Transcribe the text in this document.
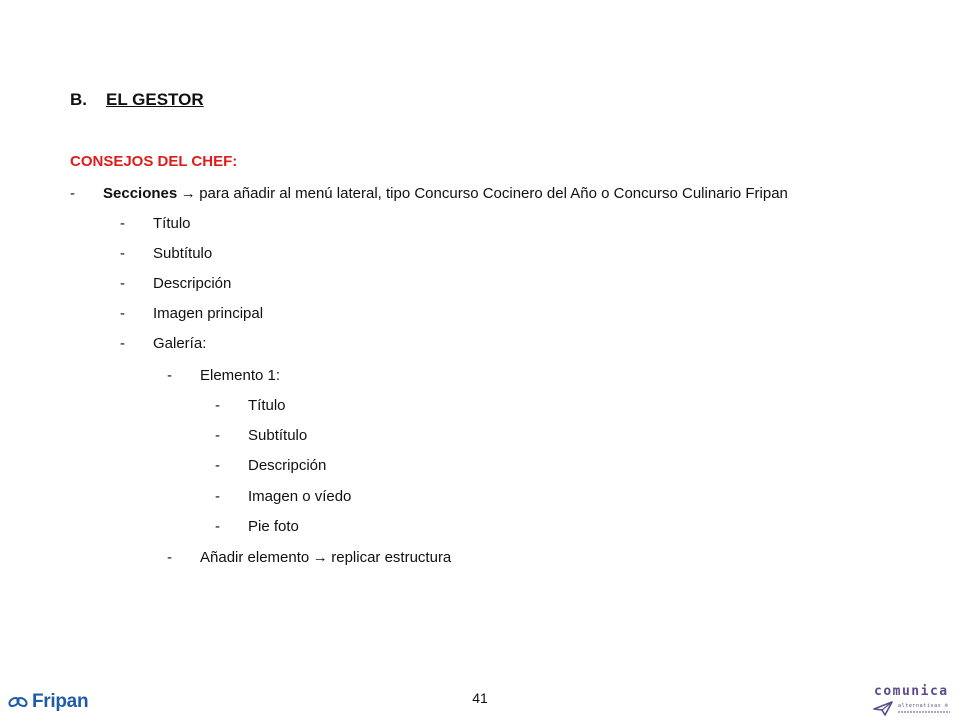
B. EL GESTOR
CONSEJOS DEL CHEF:
- Secciones → para añadir al menú lateral, tipo Concurso Cocinero del Año o Concurso Culinario Fripan
- Título
- Subtítulo
- Descripción
- Imagen principal
- Galería:
- Elemento 1:
- Título
- Subtítulo
- Descripción
- Imagen o víedo
- Pie foto
- Añadir elemento → replicar estructura
41
Fripan	comunica
alternativas ®
